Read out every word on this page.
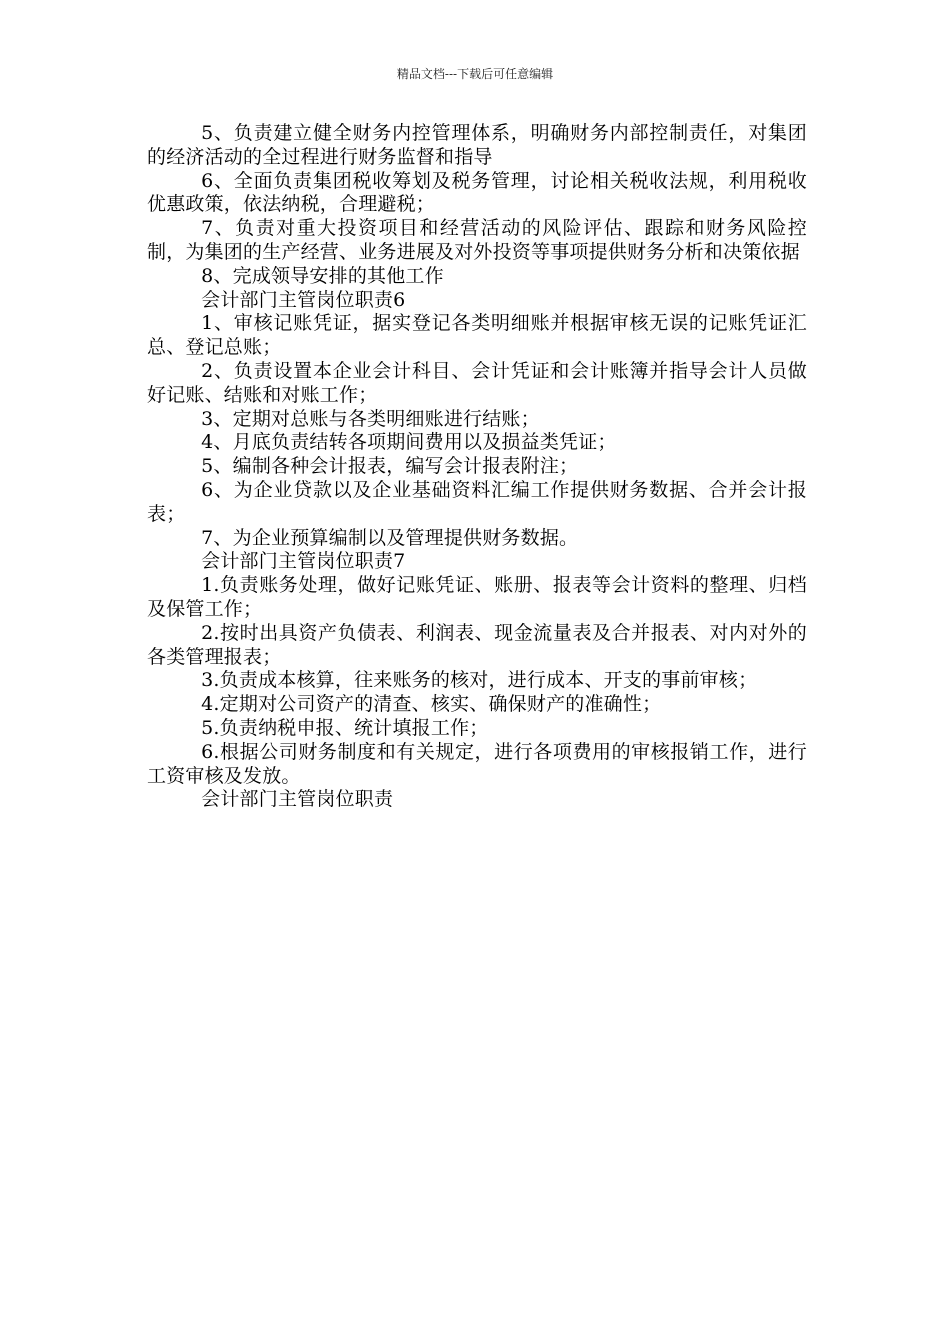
精品文档---下载后可任意编辑

5、负责建立健全财务内控管理体系，明确财务内部控制责任，对集团的经济活动的全过程进行财务监督和指导

6、全面负责集团税收筹划及税务管理，讨论相关税收法规，利用税收优惠政策，依法纳税，合理避税；

7、负责对重大投资项目和经营活动的风险评估、跟踪和财务风险控制，为集团的生产经营、业务进展及对外投资等事项提供财务分析和决策依据

8、完成领导安排的其他工作

会计部门主管岗位职责6

1、审核记账凭证，据实登记各类明细账并根据审核无误的记账凭证汇总、登记总账；

2、负责设置本企业会计科目、会计凭证和会计账簿并指导会计人员做好记账、结账和对账工作；

3、定期对总账与各类明细账进行结账；

4、月底负责结转各项期间费用以及损益类凭证；

5、编制各种会计报表，编写会计报表附注；

6、为企业贷款以及企业基础资料汇编工作提供财务数据、合并会计报表；

7、为企业预算编制以及管理提供财务数据。

会计部门主管岗位职责7

1.负责账务处理，做好记账凭证、账册、报表等会计资料的整理、归档及保管工作；

2.按时出具资产负债表、利润表、现金流量表及合并报表、对内对外的各类管理报表；

3.负责成本核算，往来账务的核对，进行成本、开支的事前审核；

4.定期对公司资产的清查、核实、确保财产的准确性；

5.负责纳税申报、统计填报工作；

6.根据公司财务制度和有关规定，进行各项费用的审核报销工作，进行工资审核及发放。

会计部门主管岗位职责
